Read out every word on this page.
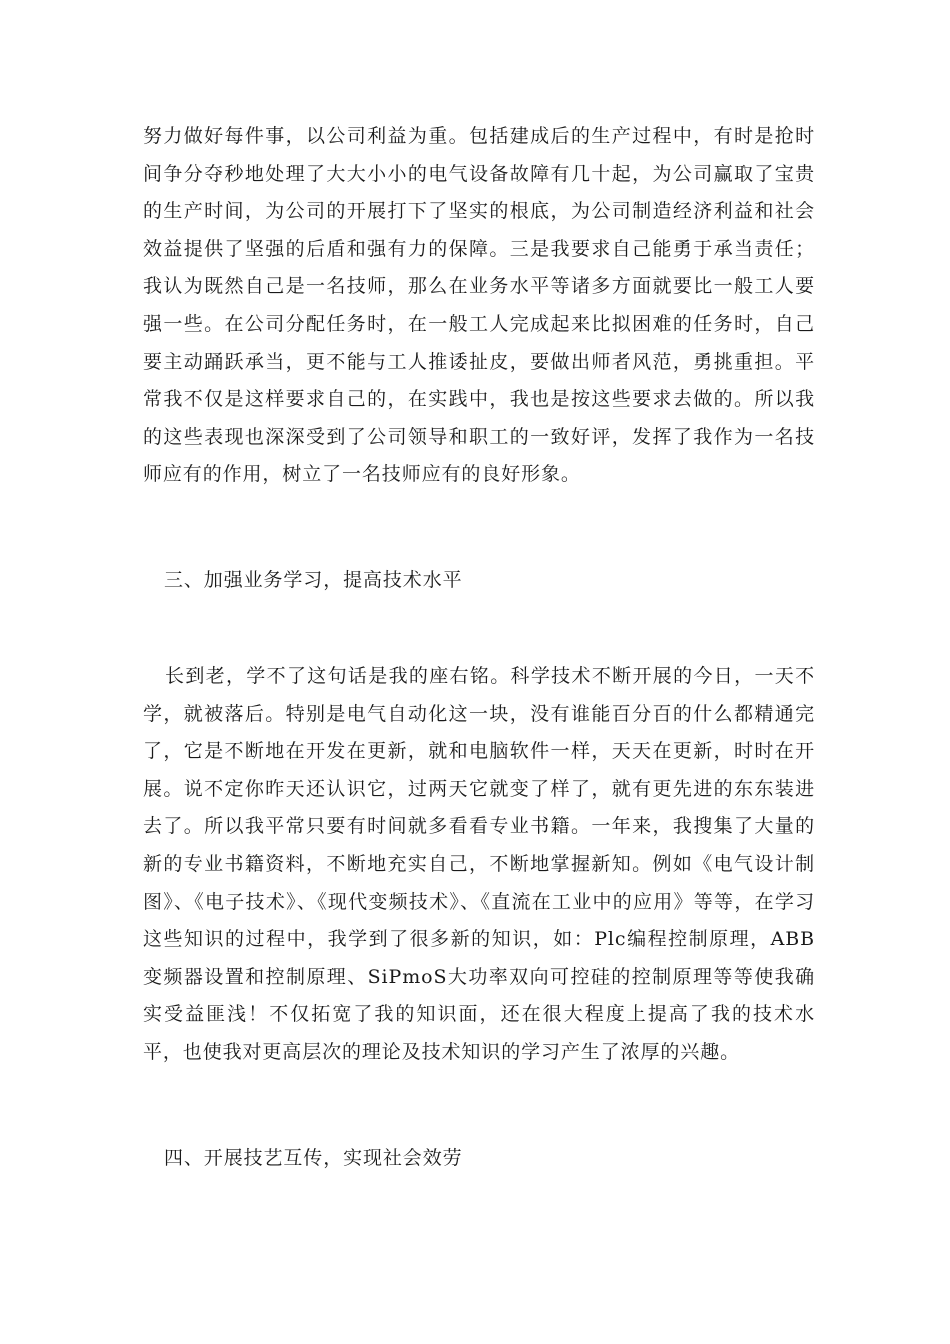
努力做好每件事，以公司利益为重。包括建成后的生产过程中，有时是抢时间争分夺秒地处理了大大小小的电气设备故障有几十起，为公司赢取了宝贵的生产时间，为公司的开展打下了坚实的根底，为公司制造经济利益和社会效益提供了坚强的后盾和强有力的保障。三是我要求自己能勇于承当责任；我认为既然自己是一名技师，那么在业务水平等诸多方面就要比一般工人要强一些。在公司分配任务时，在一般工人完成起来比拟困难的任务时，自己要主动踊跃承当，更不能与工人推诿扯皮，要做出师者风范，勇挑重担。平常我不仅是这样要求自己的，在实践中，我也是按这些要求去做的。所以我的这些表现也深深受到了公司领导和职工的一致好评，发挥了我作为一名技师应有的作用，树立了一名技师应有的良好形象。

三、加强业务学习，提高技术水平

长到老，学不了这句话是我的座右铭。科学技术不断开展的今日，一天不学，就被落后。特别是电气自动化这一块，没有谁能百分百的什么都精通完了，它是不断地在开发在更新，就和电脑软件一样，天天在更新，时时在开展。说不定你昨天还认识它，过两天它就变了样了，就有更先进的东东装进去了。所以我平常只要有时间就多看看专业书籍。一年来，我搜集了大量的新的专业书籍资料，不断地充实自己，不断地掌握新知。例如《电气设计制图》、《电子技术》、《现代变频技术》、《直流在工业中的应用》等等，在学习这些知识的过程中，我学到了很多新的知识，如：Plc编程控制原理，ABB变频器设置和控制原理、SiPmoS大功率双向可控硅的控制原理等等使我确实受益匪浅！不仅拓宽了我的知识面，还在很大程度上提高了我的技术水平，也使我对更高层次的理论及技术知识的学习产生了浓厚的兴趣。

四、开展技艺互传，实现社会效劳
